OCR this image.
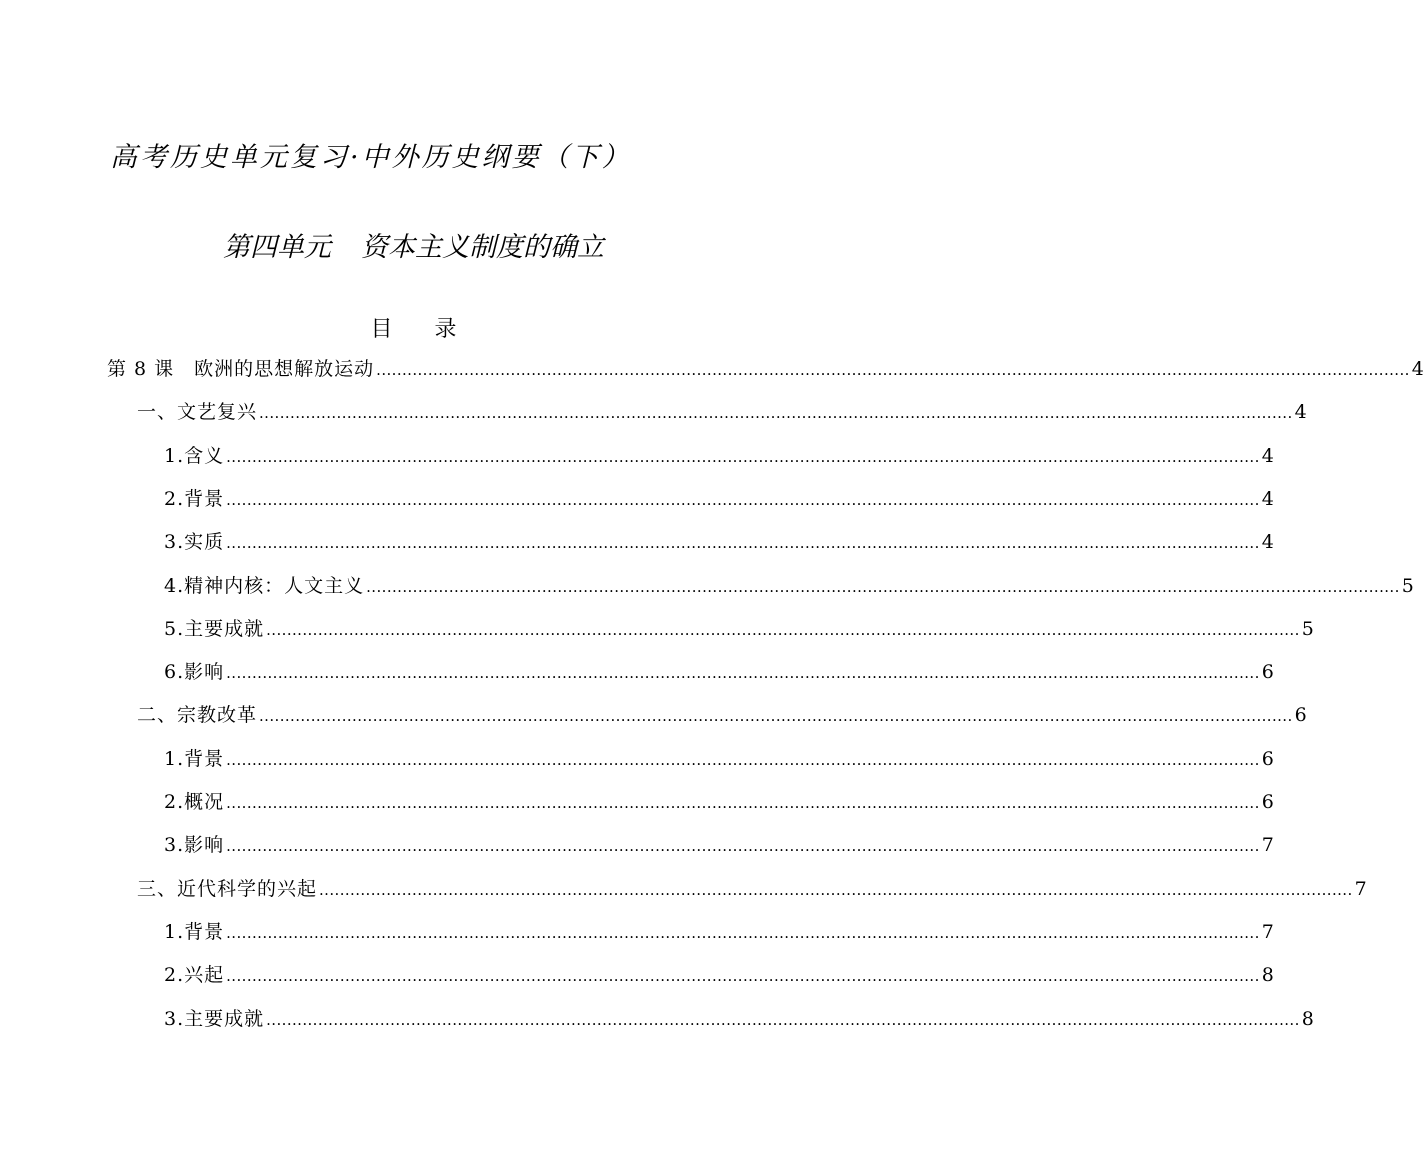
高考历史单元复习·中外历史纲要（下）
第四单元 资本主义制度的确立
目 录
第 8 课　欧洲的思想解放运动 ........................................................................................................................................................................................................ 4
一、文艺复兴 ........................................................................................................................................................................................................ 4
1.含义 ........................................................................................................................................................................................................ 4
2.背景 ........................................................................................................................................................................................................ 4
3.实质 ........................................................................................................................................................................................................ 4
4.精神内核：人文主义 ........................................................................................................................................................................................................ 5
5.主要成就 ........................................................................................................................................................................................................ 5
6.影响 ........................................................................................................................................................................................................ 6
二、宗教改革 ........................................................................................................................................................................................................ 6
1.背景 ........................................................................................................................................................................................................ 6
2.概况 ........................................................................................................................................................................................................ 6
3.影响 ........................................................................................................................................................................................................ 7
三、近代科学的兴起 ........................................................................................................................................................................................................ 7
1.背景 ........................................................................................................................................................................................................ 7
2.兴起 ........................................................................................................................................................................................................ 8
3.主要成就 ........................................................................................................................................................................................................ 8
